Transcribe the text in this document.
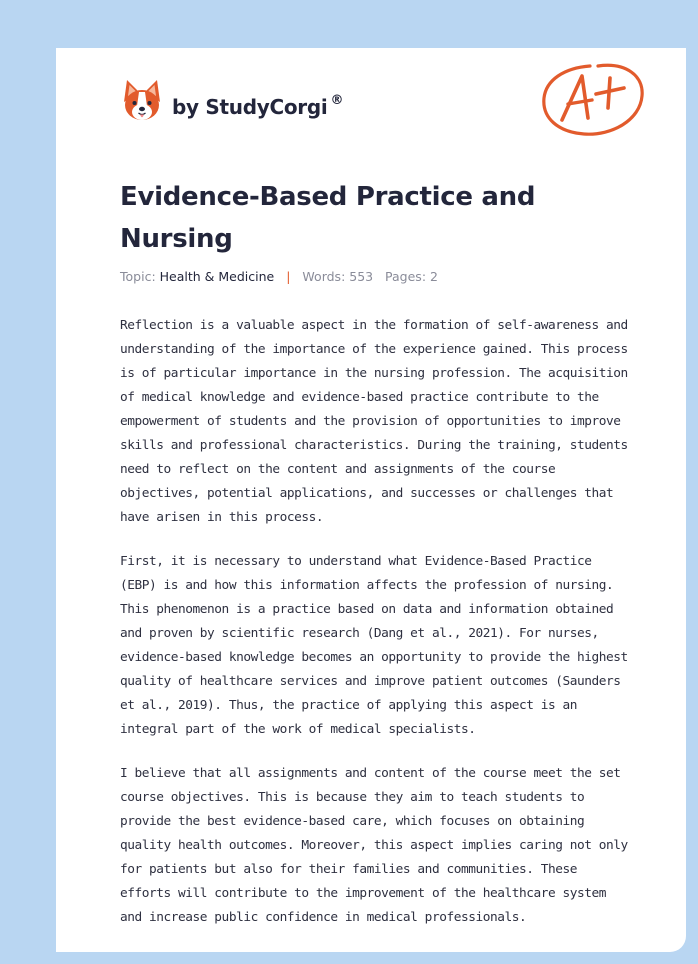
by StudyCorgi ®
Evidence-Based Practice and Nursing
Topic: Health & Medicine | Words: 553 Pages: 2

Reflection is a valuable aspect in the formation of self-awareness and understanding of the importance of the experience gained. This process is of particular importance in the nursing profession. The acquisition of medical knowledge and evidence-based practice contribute to the empowerment of students and the provision of opportunities to improve skills and professional characteristics. During the training, students need to reflect on the content and assignments of the course objectives, potential applications, and successes or challenges that have arisen in this process.

First, it is necessary to understand what Evidence-Based Practice (EBP) is and how this information affects the profession of nursing. This phenomenon is a practice based on data and information obtained and proven by scientific research (Dang et al., 2021). For nurses, evidence-based knowledge becomes an opportunity to provide the highest quality of healthcare services and improve patient outcomes (Saunders et al., 2019). Thus, the practice of applying this aspect is an integral part of the work of medical specialists.

I believe that all assignments and content of the course meet the set course objectives. This is because they aim to teach students to provide the best evidence-based care, which focuses on obtaining quality health outcomes. Moreover, this aspect implies caring not only for patients but also for their families and communities. These efforts will contribute to the improvement of the healthcare system and increase public confidence in medical professionals.
